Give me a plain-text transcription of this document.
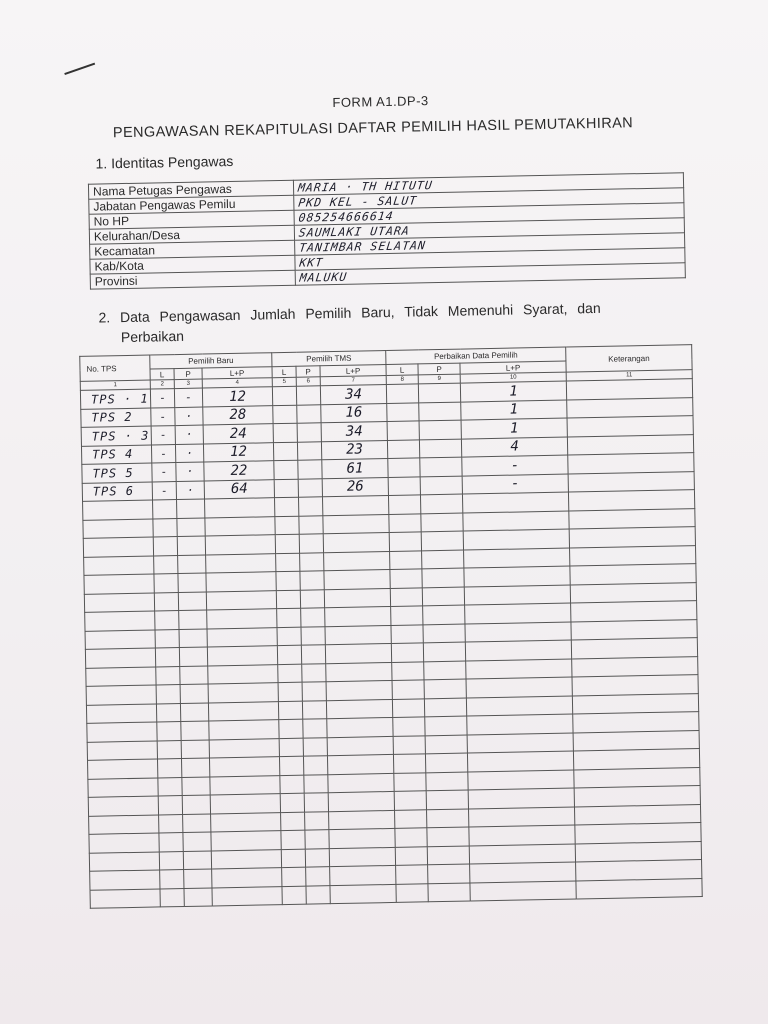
FORM A1.DP-3
PENGAWASAN REKAPITULASI DAFTAR PEMILIH HASIL PEMUTAKHIRAN
1. Identitas Pengawas
Nama Petugas Pengawas	MARIA · TH HITUTU
Jabatan Pengawas Pemilu	PKD KEL - SALUT
No HP	085254666614
Kelurahan/Desa	SAUMLAKI UTARA
Kecamatan	TANIMBAR SELATAN
Kab/Kota	KKT
Provinsi	MALUKU
2. Data Pengawasan Jumlah Pemilih Baru, Tidak Memenuhi Syarat, dan
Perbaikan
No. TPS	Pemilih Baru			Pemilih TMS			Perbaikan Data Pemilih			Keterangan
	L	P	L+P	L	P	L+P	L	P	L+P	
1	2	3	4	5	6	7	8	9	10	11
TPS · 1	-	-	12			34			1	
TPS 2	-	·	28			16			1	
TPS · 3	-	·	24			34			1	
TPS 4	-	·	12			23			4	
TPS 5	-	·	22			61			-	
TPS 6	-	·	64			26			-	
